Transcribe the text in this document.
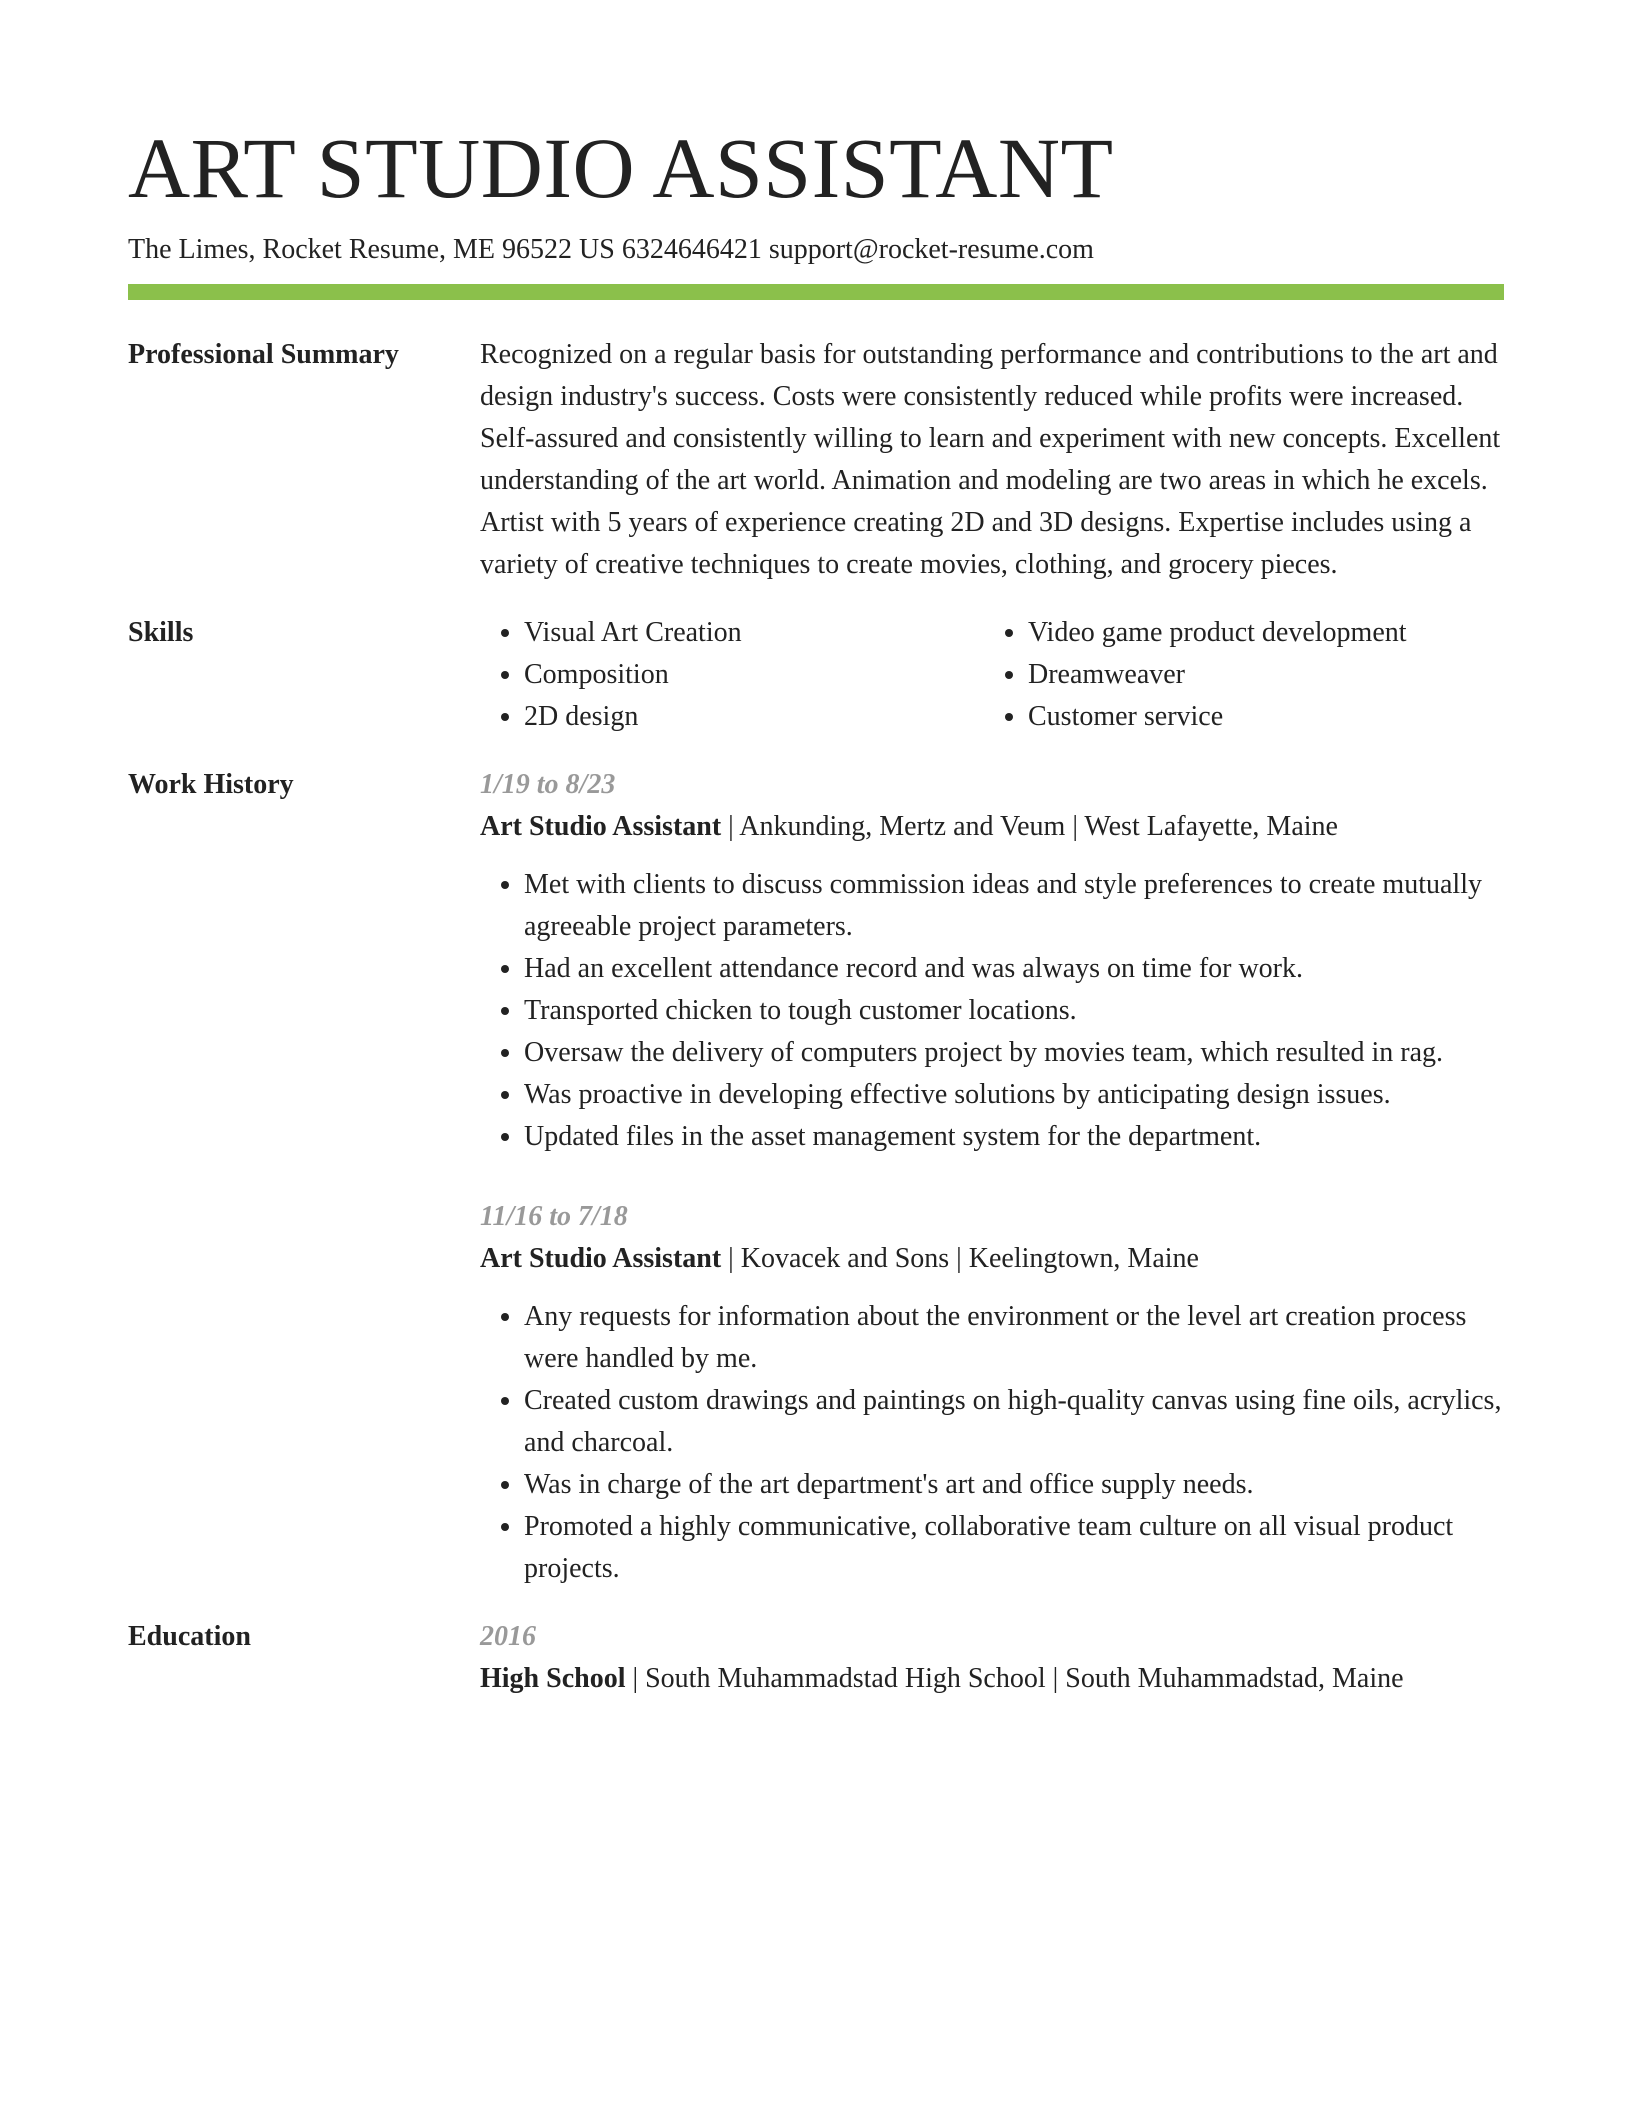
ART STUDIO ASSISTANT
The Limes, Rocket Resume, ME 96522 US 6324646421 support@rocket-resume.com
Professional Summary	Recognized on a regular basis for outstanding performance and contributions to the art and design industry's success. Costs were consistently reduced while profits were increased. Self-assured and consistently willing to learn and experiment with new concepts. Excellent understanding of the art world. Animation and modeling are two areas in which he excels. Artist with 5 years of experience creating 2D and 3D designs. Expertise includes using a variety of creative techniques to create movies, clothing, and grocery pieces.

Skills
•	Visual Art Creation
• Composition
• 2D design
• Video game product development
• Dreamweaver
• Customer service
Work History	1/19 to 8/23
Art Studio Assistant | Ankunding, Mertz and Veum | West Lafayette, Maine
• Met with clients to discuss commission ideas and style preferences to create mutually agreeable project parameters.
• Had an excellent attendance record and was always on time for work.
• Transported chicken to tough customer locations.
• Oversaw the delivery of computers project by movies team, which resulted in rag.
• Was proactive in developing effective solutions by anticipating design issues.
• Updated files in the asset management system for the department.
11/16 to 7/18
Art Studio Assistant | Kovacek and Sons | Keelingtown, Maine
• Any requests for information about the environment or the level art creation process were handled by me.
• Created custom drawings and paintings on high-quality canvas using fine oils, acrylics, and charcoal.
• Was in charge of the art department's art and office supply needs.
• Promoted a highly communicative, collaborative team culture on all visual product projects.
Education	2016
High School | South Muhammadstad High School | South Muhammadstad, Maine
